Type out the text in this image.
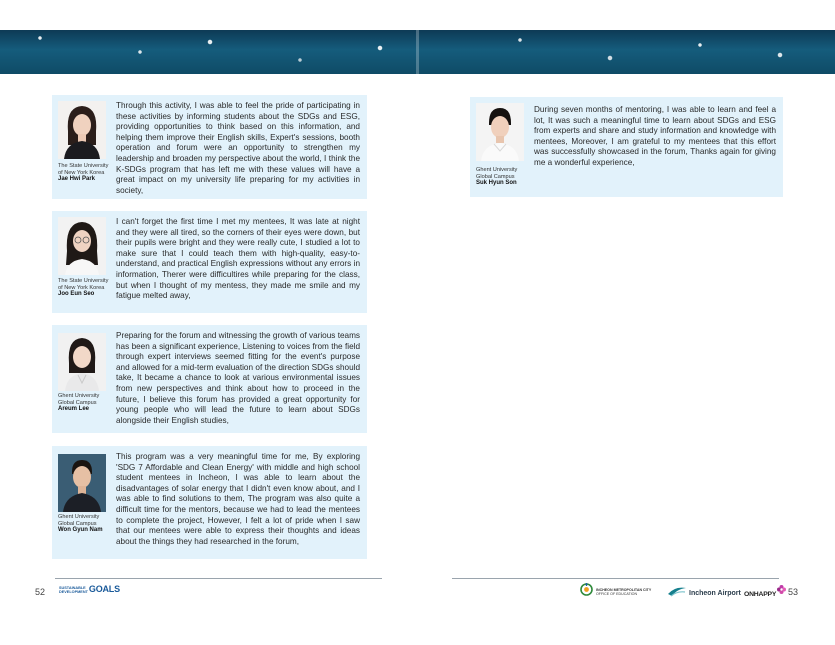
The State University of New York Korea
Jae Hwi Park
Through this activity, I was able to feel the pride of participating in these activities by informing students about the SDGs and ESG, providing opportunities to think based on this information, and helping them improve their English skills, Expert's sessions, booth operation and forum were an opportunity to strengthen my leadership and broaden my perspective about the world, I think the K-SDGs program that has left me with these values will have a great impact on my university life preparing for my activities in society,
The State University of New York Korea
Joo Eun Seo
I can't forget the first time I met my mentees, It was late at night and they were all tired, so the corners of their eyes were down, but their pupils were bright and they were really cute, I studied a lot to make sure that I could teach them with high-quality, easy-to-understand, and practical English expressions without any errors in information, Therer were difficultires while preparing for the class, but when I thought of my mentess, they made me smile and my fatigue melted away,
Ghent University Global Campus
Areum Lee
Preparing for the forum and witnessing the growth of various teams has been a significant experience, Listening to voices from the field through expert interviews seemed fitting for the event's purpose and allowed for a mid-term evaluation of the direction SDGs should take, It became a chance to look at various environmental issues from new perspectives and think about how to proceed in the future, I believe this forum has provided a great opportunity for young people who will lead the future to learn about SDGs alongside their English studies,
Ghent University Global Campus
Won Gyun Nam
This program was a very meaningful time for me, By exploring 'SDG 7 Affordable and Clean Energy' with middle and high school student mentees in Incheon, I was able to learn about the disadvantages of solar energy that I didn't even know about, and I was able to find solutions to them, The program was also quite a difficult time for the mentors, because we had to lead the mentees to complete the project, However, I felt a lot of pride when I saw that our mentees were able to express their thoughts and ideas about the things they had researched in the forum,
Ghent University Global Campus
Suk Hyun Son
During seven months of mentoring, I was able to learn and feel a lot, It was such a meaningful time to learn about SDGs and ESG from experts and share and study information and knowledge with mentees, Moreover, I am grateful to my mentees that this effort was successfully showcased in the forum, Thanks again for giving me a wonderful experience,
52	53
SUSTAINABLE
DEVELOPMENT GOALS	INCHEON METROPOLITAN CITY
OFFICE OF EDUCATION	Incheon Airport ONHAPPY
